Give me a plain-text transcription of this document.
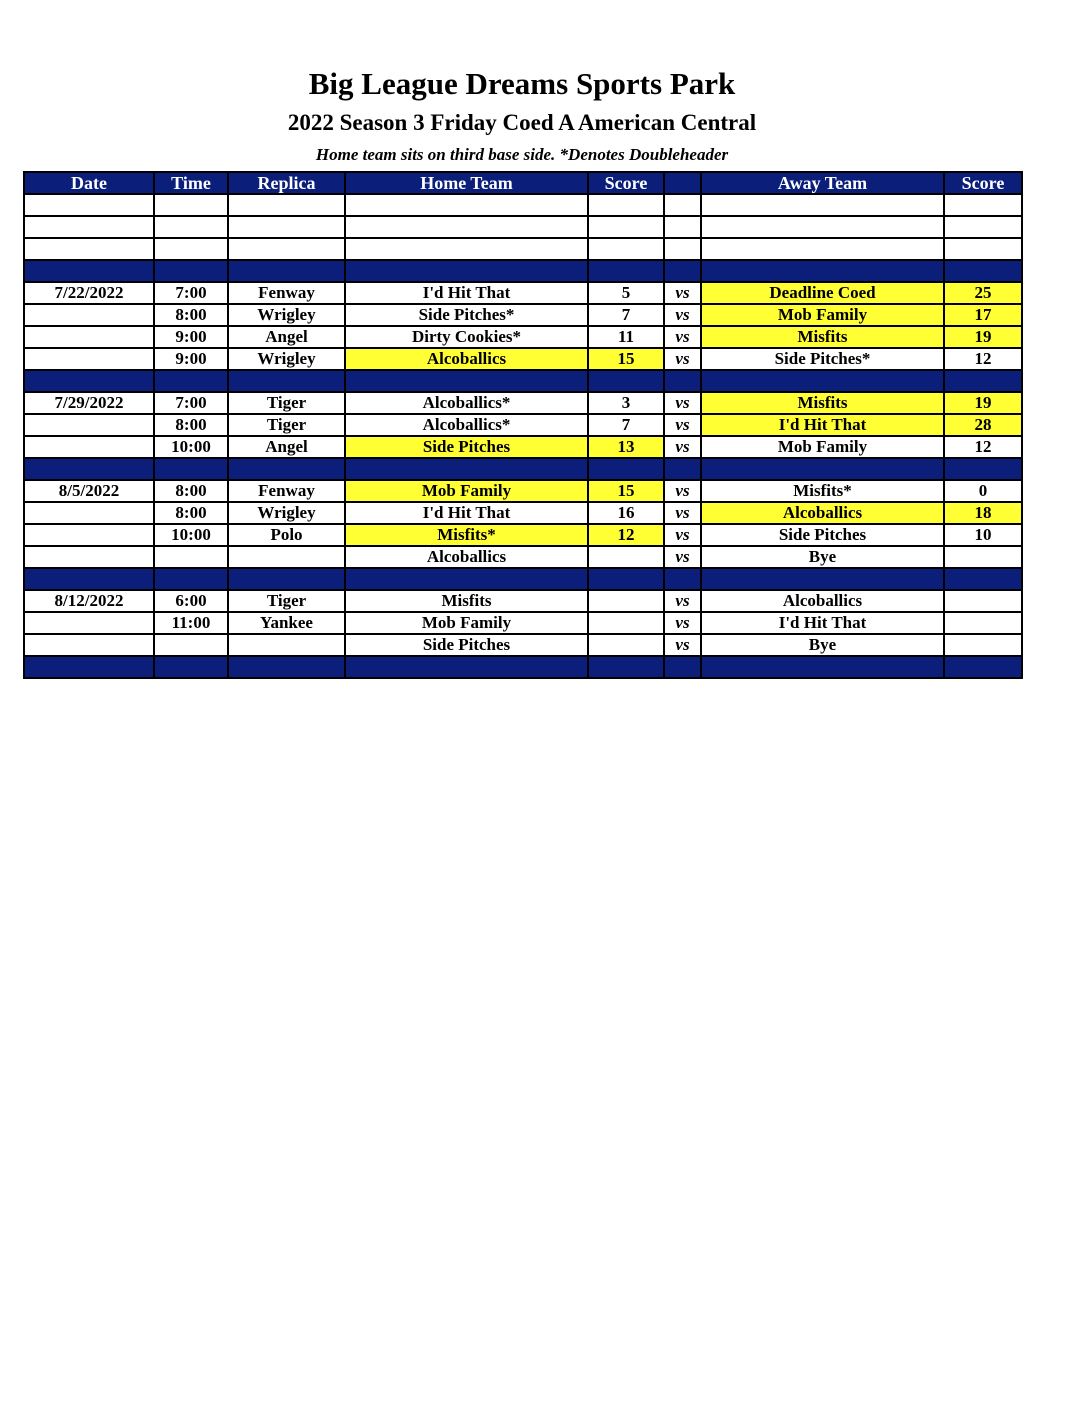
Big League Dreams Sports Park
2022 Season 3 Friday Coed A American Central
Home team sits on third base side. *Denotes Doubleheader
Date	Time	Replica	Home Team	Score		Away Team	Score

7/22/2022	7:00	Fenway	I'd Hit That	5	vs	Deadline Coed	25
	8:00	Wrigley	Side Pitches*	7	vs	Mob Family	17
	9:00	Angel	Dirty Cookies*	11	vs	Misfits	19
	9:00	Wrigley	Alcoballics	15	vs	Side Pitches*	12

7/29/2022	7:00	Tiger	Alcoballics*	3	vs	Misfits	19
	8:00	Tiger	Alcoballics*	7	vs	I'd Hit That	28
	10:00	Angel	Side Pitches	13	vs	Mob Family	12

8/5/2022	8:00	Fenway	Mob Family	15	vs	Misfits*	0
	8:00	Wrigley	I'd Hit That	16	vs	Alcoballics	18
	10:00	Polo	Misfits*	12	vs	Side Pitches	10
			Alcoballics		vs	Bye	

8/12/2022	6:00	Tiger	Misfits		vs	Alcoballics	
	11:00	Yankee	Mob Family		vs	I'd Hit That	
			Side Pitches		vs	Bye	
